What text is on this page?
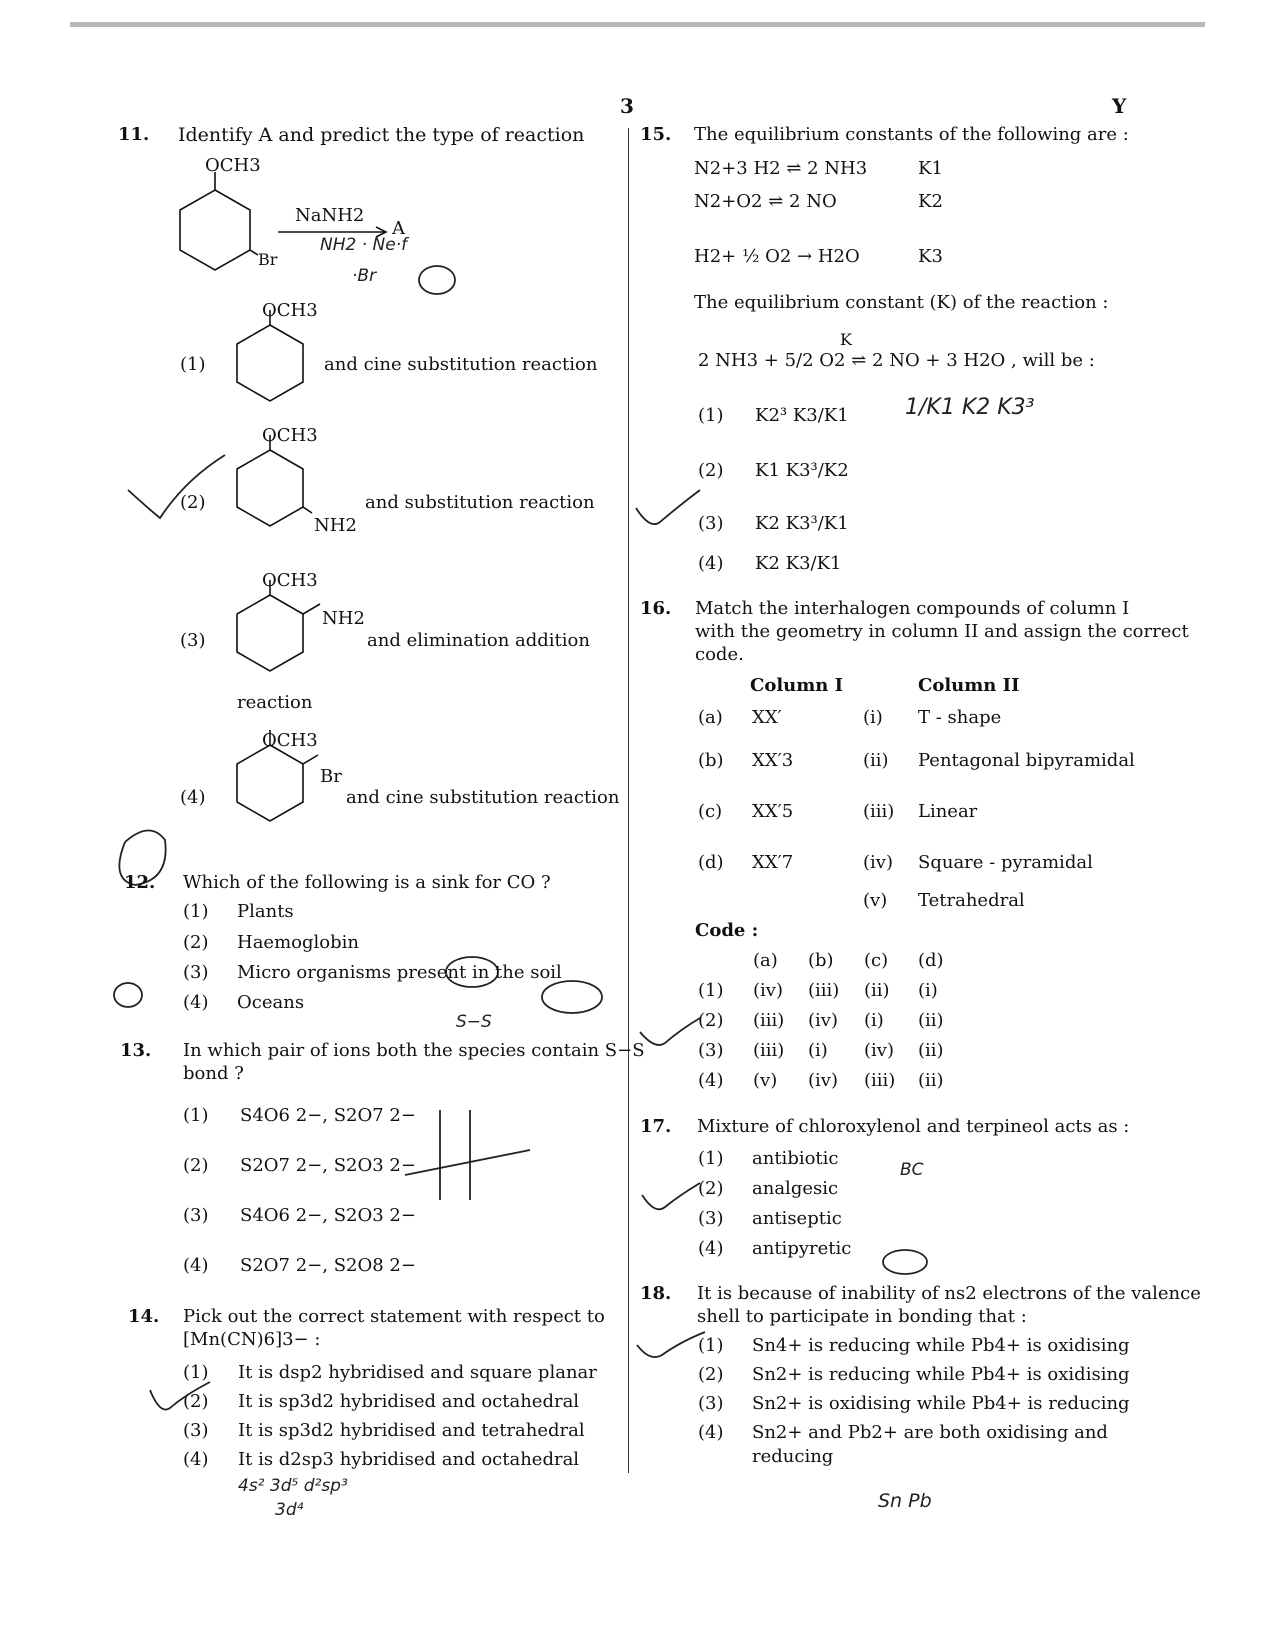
3	Y
11. Identify A and predict the type of reaction
OCH3
Br
NaNH2
A
NH2 · Ne·f
·Br
(1)
OCH3
and cine substitution reaction
(2)
OCH3
NH2
and substitution reaction
(3)
OCH3
NH2
and elimination addition
reaction
(4)
OCH3
Br
and cine substitution reaction
12. Which of the following is a sink for CO ?
(1) Plants
(2) Haemoglobin
(3) Micro organisms present in the soil
(4) Oceans
13. In which pair of ions both the species contain S−S
bond ?
S−S
(1) S4O6 2−, S2O7 2−
(2) S2O7 2−, S2O3 2−
(3) S4O6 2−, S2O3 2−
(4) S2O7 2−, S2O8 2−
14. Pick out the correct statement with respect to
[Mn(CN)6]3− :
(1) It is dsp2 hybridised and square planar
(2) It is sp3d2 hybridised and octahedral
(3) It is sp3d2 hybridised and tetrahedral
(4) It is d2sp3 hybridised and octahedral
4s² 3d⁵ d²sp³
3d⁴
15. The equilibrium constants of the following are :
N2+3 H2 ⇌ 2 NH3	K1
N2+O2 ⇌ 2 NO	K2
H2+ ½ O2 → H2O	K3
The equilibrium constant (K) of the reaction :
K
2 NH3 + 5/2 O2 ⇌ 2 NO + 3 H2O , will be :
1/K1 K2 K3³
(1) K2³ K3/K1
(2) K1 K3³/K2
(3) K2 K3³/K1
(4) K2 K3/K1
16. Match the interhalogen compounds of column I
with the geometry in column II and assign the correct
code.
Column I	Column II
(a) XX′	(i) T - shape
(b) XX′3	(ii) Pentagonal bipyramidal
(c) XX′5	(iii) Linear
(d) XX′7	(iv) Square - pyramidal
(v) Tetrahedral
Code :
(a) (b) (c) (d)
(1) (iv) (iii) (ii) (i)
(2) (iii) (iv) (i) (ii)
(3) (iii) (i) (iv) (ii)
(4) (v) (iv) (iii) (ii)
17. Mixture of chloroxylenol and terpineol acts as :
(1) antibiotic
(2) analgesic
(3) antiseptic
(4) antipyretic
BC
18. It is because of inability of ns2 electrons of the valence
shell to participate in bonding that :
(1) Sn4+ is reducing while Pb4+ is oxidising
(2) Sn2+ is reducing while Pb4+ is oxidising
(3) Sn2+ is oxidising while Pb4+ is reducing
(4) Sn2+ and Pb2+ are both oxidising and
reducing
Sn Pb
